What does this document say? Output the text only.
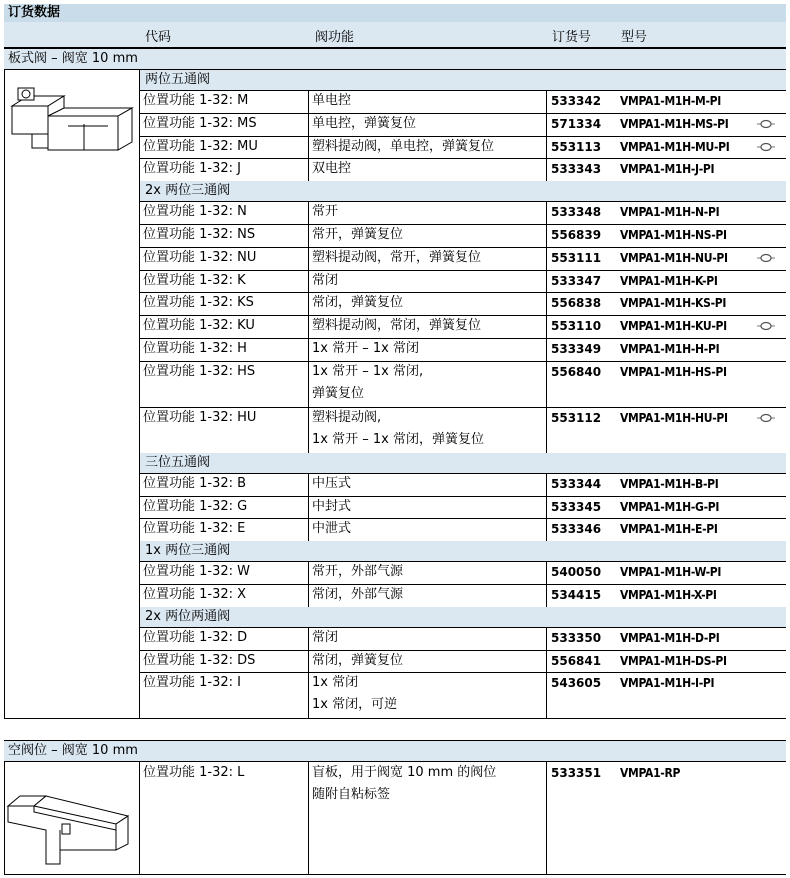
订货数据
代码	阀功能	订货号 型号
板式阀 – 阀宽 10 mm
两位五通阀
位置功能 1-32: M	单电控	533342 VMPA1-M1H-M-PI
位置功能 1-32: MS	单电控，弹簧复位	571334 VMPA1-M1H-MS-PI
位置功能 1-32: MU	塑料提动阀，单电控，弹簧复位	553113 VMPA1-M1H-MU-PI
位置功能 1-32: J	双电控	533343 VMPA1-M1H-J-PI
2x 两位三通阀
位置功能 1-32: N	常开	533348 VMPA1-M1H-N-PI
位置功能 1-32: NS	常开，弹簧复位	556839 VMPA1-M1H-NS-PI
位置功能 1-32: NU	塑料提动阀，常开，弹簧复位	553111 VMPA1-M1H-NU-PI
位置功能 1-32: K	常闭	533347 VMPA1-M1H-K-PI
位置功能 1-32: KS	常闭，弹簧复位	556838 VMPA1-M1H-KS-PI
位置功能 1-32: KU	塑料提动阀，常闭，弹簧复位	553110 VMPA1-M1H-KU-PI
位置功能 1-32: H	1x 常开 – 1x 常闭	533349 VMPA1-M1H-H-PI
位置功能 1-32: HS	1x 常开 – 1x 常闭,
弹簧复位
556840 VMPA1-M1H-HS-PI
位置功能 1-32: HU	塑料提动阀,
1x 常开 – 1x 常闭，弹簧复位
553112 VMPA1-M1H-HU-PI
三位五通阀
位置功能 1-32: B	中压式	533344 VMPA1-M1H-B-PI
位置功能 1-32: G	中封式	533345 VMPA1-M1H-G-PI
位置功能 1-32: E	中泄式	533346 VMPA1-M1H-E-PI
1x 两位三通阀
位置功能 1-32: W	常开，外部气源	540050 VMPA1-M1H-W-PI
位置功能 1-32: X	常闭，外部气源	534415 VMPA1-M1H-X-PI
2x 两位两通阀
位置功能 1-32: D	常闭	533350 VMPA1-M1H-D-PI
位置功能 1-32: DS	常闭，弹簧复位	556841 VMPA1-M1H-DS-PI
位置功能 1-32: I	1x 常闭
1x 常闭，可逆
543605 VMPA1-M1H-I-PI
空阀位 – 阀宽 10 mm
位置功能 1-32: L	盲板，用于阀宽 10 mm 的阀位
随附自粘标签
533351 VMPA1-RP
